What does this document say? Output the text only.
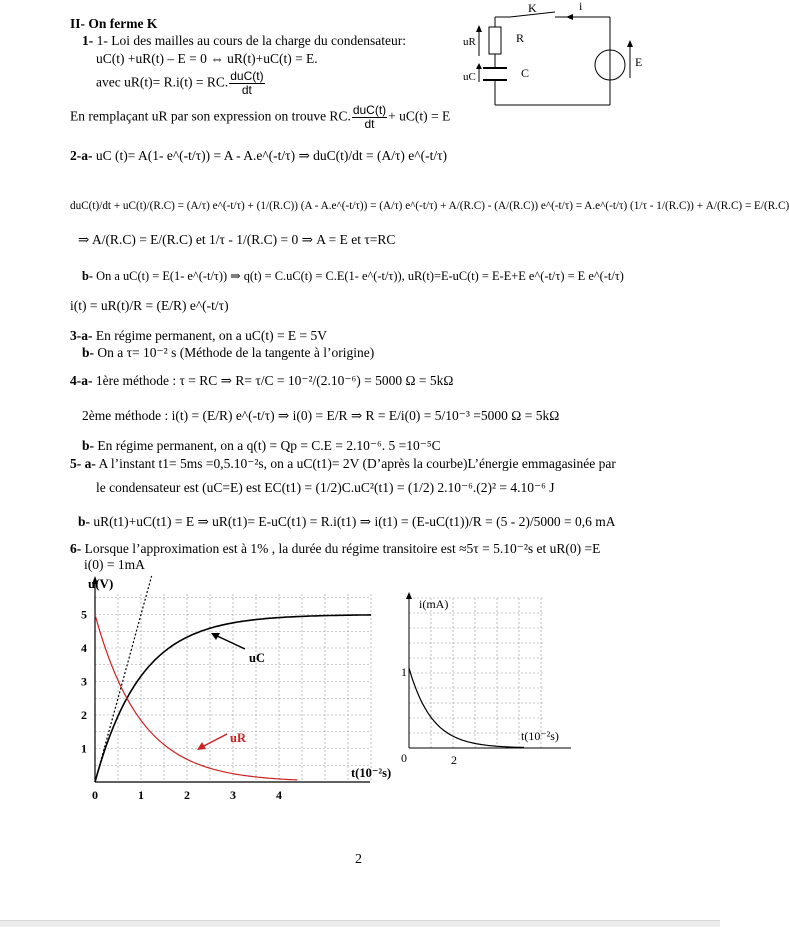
K	i
uR	R
uC	C
E
II- On ferme K
1- 1- Loi des mailles au cours de la charge du condensateur:
uC(t) +uR(t) – E = 0 ⇔ uR(t)+uC(t) = E.
avec uR(t)= R.i(t) = RC. $\frac{\text{duC(t)}}{dt}$
En remplaçant uR par son expression on trouve RC. $\frac{\text{duC(t)}}{dt} + uC(t) = E$
2-a- uC (t)= A(1- e^(-t/τ)) = A - A.e^(-t/τ) ⇒ duC(t)/dt = (A/τ) e^(-t/τ)
duC(t)/dt + uC(t)/(R.C) = (A/τ) e^(-t/τ) + (1/(R.C)) (A - A.e^(-t/τ)) = (A/τ) e^(-t/τ) + A/(R.C) - (A/(R.C)) e^(-t/τ) = A.e^(-t/τ) (1/τ - 1/(R.C)) + A/(R.C) = E/(R.C)
⇒ A/(R.C) = E/(R.C) et 1/τ - 1/(R.C) = 0 ⇒ A = E et τ=RC
b- On a uC(t) = E(1- e^(-t/τ)) ⇒ q(t) = C.uC(t) = C.E(1- e^(-t/τ)), uR(t)=E-uC(t) = E-E+E e^(-t/τ) = E e^(-t/τ)
i(t) = uR(t)/R = (E/R) e^(-t/τ)
3-a- En régime permanent, on a uC(t) = E = 5V
b- On a τ= 10⁻² s (Méthode de la tangente à l’origine)
4-a- 1ère méthode : τ = RC ⇒ R= τ/C = 10⁻²/(2.10⁻⁶) = 5000 Ω = 5kΩ
2ème méthode : i(t) = (E/R) e^(-t/τ) ⇒ i(0) = E/R ⇒ R = E/i(0) = 5/10⁻³ =5000 Ω = 5kΩ
b- En régime permanent, on a q(t) = Qp = C.E = 2.10⁻⁶. 5 =10⁻⁵C
5- a- A l’instant t1= 5ms =0,5.10⁻²s, on a uC(t1)= 2V (D’après la courbe)L’énergie emmagasinée par
le condensateur est (uC=E) est EC(t1) = (1/2)C.uC²(t1) = (1/2) 2.10⁻⁶.(2)² = 4.10⁻⁶ J
b- uR(t1)+uC(t1) = E ⇒ uR(t1)= E-uC(t1) = R.i(t1) ⇒ i(t1) = (E-uC(t1))/R = (5 - 2)/5000 = 0,6 mA
6- Lorsque l’approximation est à 1% , la durée du régime transitoire est ≈5τ = 5.10⁻²s et uR(0) =E
i(0) = 1mA
1
2
3
4
5
0	1	2	3	4
u(V)
t(10⁻²s)
uC
uR
i(mA)
1
0	2
t(10⁻²s)
2
